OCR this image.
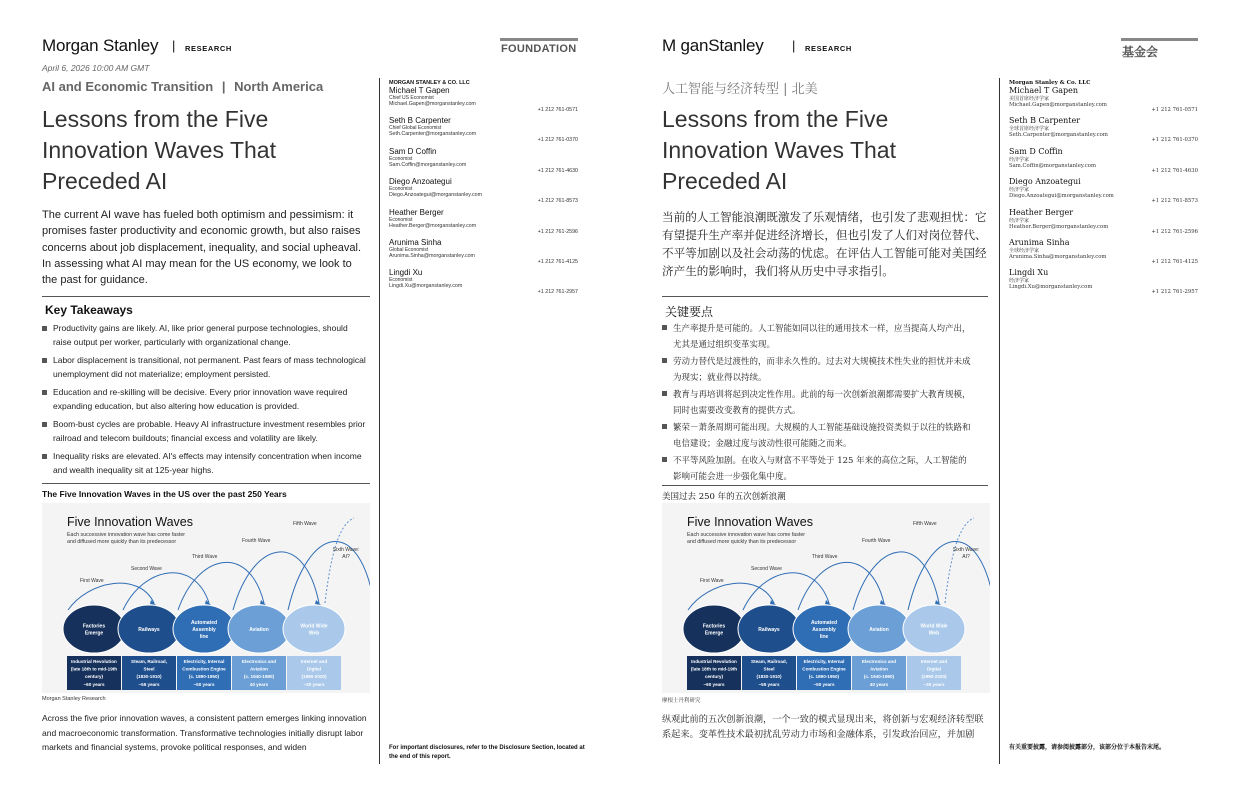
Morgan Stanley | RESEARCH
April 6, 2026 10:00 AM GMT
AI and Economic Transition | North America
Lessons from the Five
Innovation Waves That
Preceded AI
The current AI wave has fueled both optimism and pessimism: it promises faster productivity and economic growth, but also raises concerns about job displacement, inequality, and social upheaval. In assessing what AI may mean for the US economy, we look to the past for guidance.
Key Takeaways
Productivity gains are likely. AI, like prior general purpose technologies, should raise output per worker, particularly with organizational change.
Labor displacement is transitional, not permanent. Past fears of mass technological unemployment did not materialize; employment persisted.
Education and re-skilling will be decisive. Every prior innovation wave required expanding education, but also altering how education is provided.
Boom-bust cycles are probable. Heavy AI infrastructure investment resembles prior railroad and telecom buildouts; financial excess and volatility are likely.
Inequality risks are elevated. AI's effects may intensify concentration when income and wealth inequality sit at 125-year highs.
The Five Innovation Waves in the US over the past 250 Years
Five Innovation Waves
Each successive innovation wave has come faster
and diffused more quickly than its predecessor
First Wave
Second Wave
Third Wave
Fourth Wave
Fifth Wave
Sixth Wave:
AI?
Factories
Emerge
Industrial Revolution
(late 18th to mid-19th
century)
~60 years
Railways
Steam, Railroad,
Steel
(1830-1910)
~55 years
Automated
Assembly
line
Electricity, Internal
Combustion Engine
(c. 1890-1950)
~50 years
Aviation
Electronics and
Aviation
(c. 1940-1980)
40 years
World Wide
Web
Internet and
Digital
(1990-2020)
~30 years
Morgan Stanley Research
Across the five prior innovation waves, a consistent pattern emerges linking innovation and macroeconomic transformation. Transformative technologies initially disrupt labor markets and financial systems, provoke political responses, and widen
FOUNDATION
MORGAN STANLEY & CO. LLC
Michael T Gapen
Chief US Economist
Michael.Gapen@morganstanley.com
+1 212 761-0571
Seth B Carpenter
Chief Global Economist
Seth.Carpenter@morganstanley.com
+1 212 761-0370
Sam D Coffin
Economist
Sam.Coffin@morganstanley.com
+1 212 761-4630
Diego Anzoategui
Economist
Diego.Anzoategui@morganstanley.com
+1 212 761-8573
Heather Berger
Economist
Heather.Berger@morganstanley.com
+1 212 761-2596
Arunima Sinha
Global Economist
Arunima.Sinha@morganstanley.com
+1 212 761-4125
Lingdi Xu
Economist
Lingdi.Xu@morganstanley.com
+1 212 761-2957
For important disclosures, refer to the Disclosure Section, located at the end of this report.
M ganStanley | RESEARCH
人工智能与经济转型 | 北美
Lessons from the Five
Innovation Waves That
Preceded AI
当前的人工智能浪潮既激发了乐观情绪，也引发了悲观担忧：它有望提升生产率并促进经济增长，但也引发了人们对岗位替代、不平等加剧以及社会动荡的忧虑。在评估人工智能可能对美国经济产生的影响时，我们将从历史中寻求指引。
关键要点
生产率提升是可能的。人工智能如同以往的通用技术一样，应当提高人均产出，尤其是通过组织变革实现。
劳动力替代是过渡性的，而非永久性的。过去对大规模技术性失业的担忧并未成为现实；就业得以持续。
教育与再培训将起到决定性作用。此前的每一次创新浪潮都需要扩大教育规模，同时也需要改变教育的提供方式。
繁荣－萧条周期可能出现。大规模的人工智能基础设施投资类似于以往的铁路和电信建设；金融过度与波动性很可能随之而来。
不平等风险加剧。在收入与财富不平等处于 125 年来的高位之际，人工智能的影响可能会进一步强化集中度。
美国过去 250 年的五次创新浪潮
Five Innovation Waves
Each successive innovation wave has come faster
and diffused more quickly than its predecessor
First Wave
Second Wave
Third Wave
Fourth Wave
Fifth Wave
Sixth Wave:
AI?
Factories
Emerge
Industrial Revolution
(late 18th to mid-19th
century)
~60 years
Railways
Steam, Railroad,
Steel
(1830-1910)
~55 years
Automated
Assembly
line
Electricity, Internal
Combustion Engine
(c. 1890-1950)
~50 years
Aviation
Electronics and
Aviation
(c. 1940-1980)
40 years
World Wide
Web
Internet and
Digital
(1990-2020)
~30 years
摩根士丹利研究
纵观此前的五次创新浪潮，一个一致的模式显现出来，将创新与宏观经济转型联系起来。变革性技术最初扰乱劳动力市场和金融体系，引发政治回应，并加剧
基金会
Morgan Stanley & Co. LLC
Michael T Gapen
美国首席经济学家
Michael.Gapen@morganstanley.com
+1 212 761-0571
Seth B Carpenter
全球首席经济学家
Seth.Carpenter@morganstanley.com
+1 212 761-0370
Sam D Coffin
经济学家
Sam.Coffin@morganstanley.com
+1 212 761-4630
Diego Anzoategui
经济学家
Diego.Anzoategui@morganstanley.com
+1 212 761-8573
Heather Berger
经济学家
Heather.Berger@morganstanley.com
+1 212 761-2596
Arunima Sinha
全球经济学家
Arunima.Sinha@morganstanley.com
+1 212 761-4125
Lingdi Xu
经济学家
Lingdi.Xu@morganstanley.com
+1 212 761-2957
有关重要披露，请参阅披露部分，该部分位于本报告末尾。
